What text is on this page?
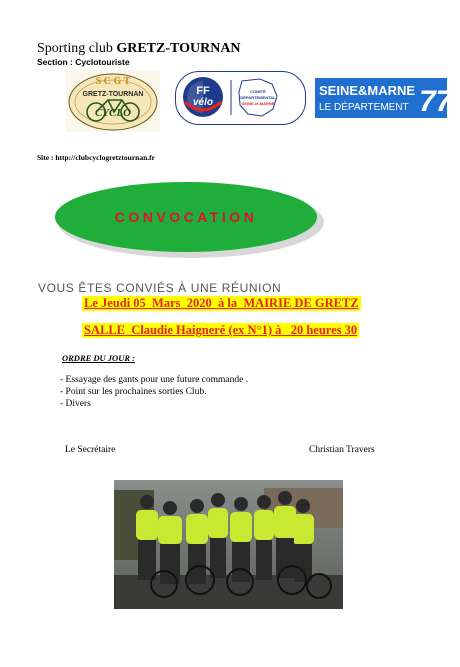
Sporting club GRETZ-TOURNAN
Section : Cyclotouriste
S C G T
GRETZ-TOURNAN
CYCLO
FF
vélo
COMITÉ
DÉPARTEMENTAL
SEINE-et-MARNE
SEINE&MARNE
LE DÉPARTEMENT 77
Site : http://clubcyclogretztournan.fr
CONVOCATION
VOUS ÊTES CONVIÉS À UNE RÉUNION
Le Jeudi 05  Mars  2020  à la  MAIRIE DE GRETZ
SALLE  Claudie Haigneré (ex N°1) à   20 heures 30
ORDRE DU JOUR :
- Essayage des gants pour une future commande .
- Point sur les prochaines sorties Club.
- Divers
Le Secrétaire	Christian Travers
